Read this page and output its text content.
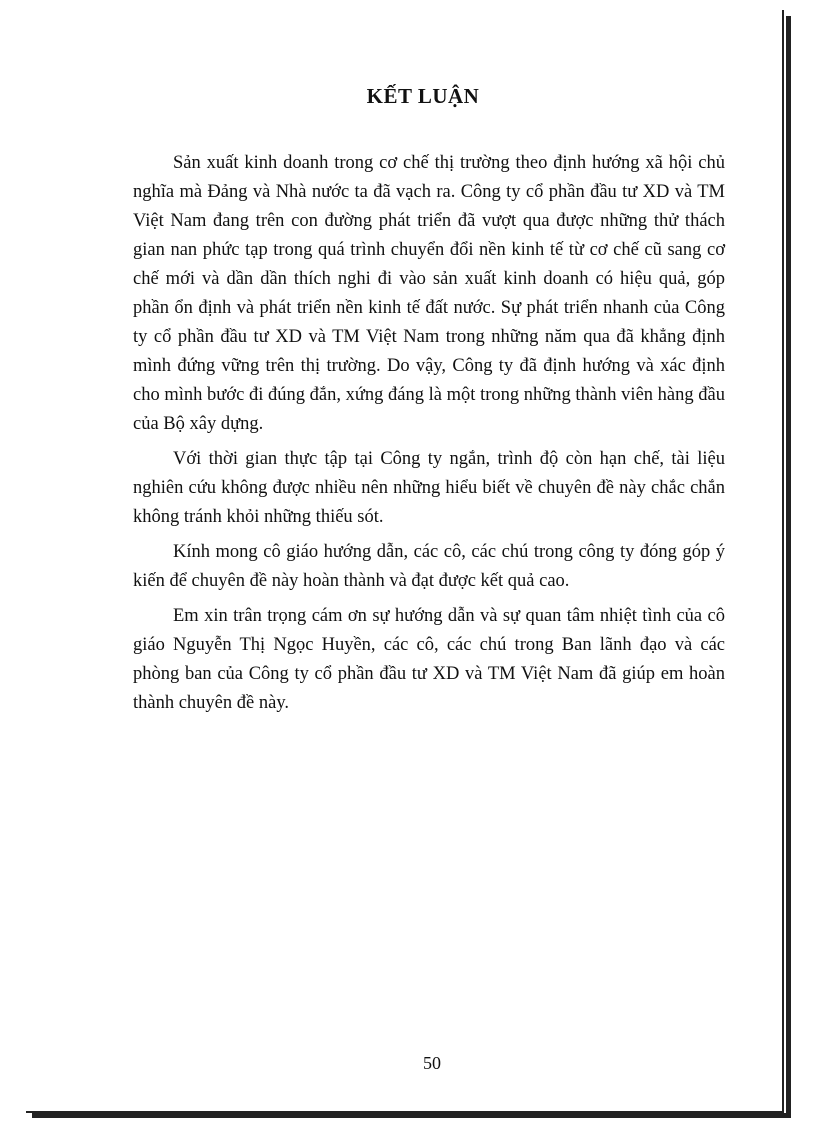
KẾT LUẬN

Sản xuất kinh doanh trong cơ chế thị trường theo định hướng xã hội chủ nghĩa mà Đảng và Nhà nước ta đã vạch ra. Công ty cổ phần đầu tư XD và TM Việt Nam đang trên con đường phát triển đã vượt qua được những thử thách gian nan phức tạp trong quá trình chuyển đổi nền kinh tế từ cơ chế cũ sang cơ chế mới và dần dần thích nghi đi vào sản xuất kinh doanh có hiệu quả, góp phần ổn định và phát triển nền kinh tế đất nước. Sự phát triển nhanh của Công ty cổ phần đầu tư XD và TM Việt Nam trong những năm qua đã khẳng định mình đứng vững trên thị trường. Do vậy, Công ty đã định hướng và xác định cho mình bước đi đúng đắn, xứng đáng là một trong những thành viên hàng đầu của Bộ xây dựng.

Với thời gian thực tập tại Công ty ngắn, trình độ còn hạn chế, tài liệu nghiên cứu không được nhiều nên những hiểu biết về chuyên đề này chắc chắn không tránh khỏi những thiếu sót.

Kính mong cô giáo hướng dẫn, các cô, các chú trong công ty đóng góp ý kiến để chuyên đề này hoàn thành và đạt được kết quả cao.

Em xin trân trọng cám ơn sự hướng dẫn và sự quan tâm nhiệt tình của cô giáo Nguyễn Thị Ngọc Huyền, các cô, các chú trong Ban lãnh đạo và các phòng ban của Công ty cổ phần đầu tư XD và TM Việt Nam đã giúp em hoàn thành chuyên đề này.

50
